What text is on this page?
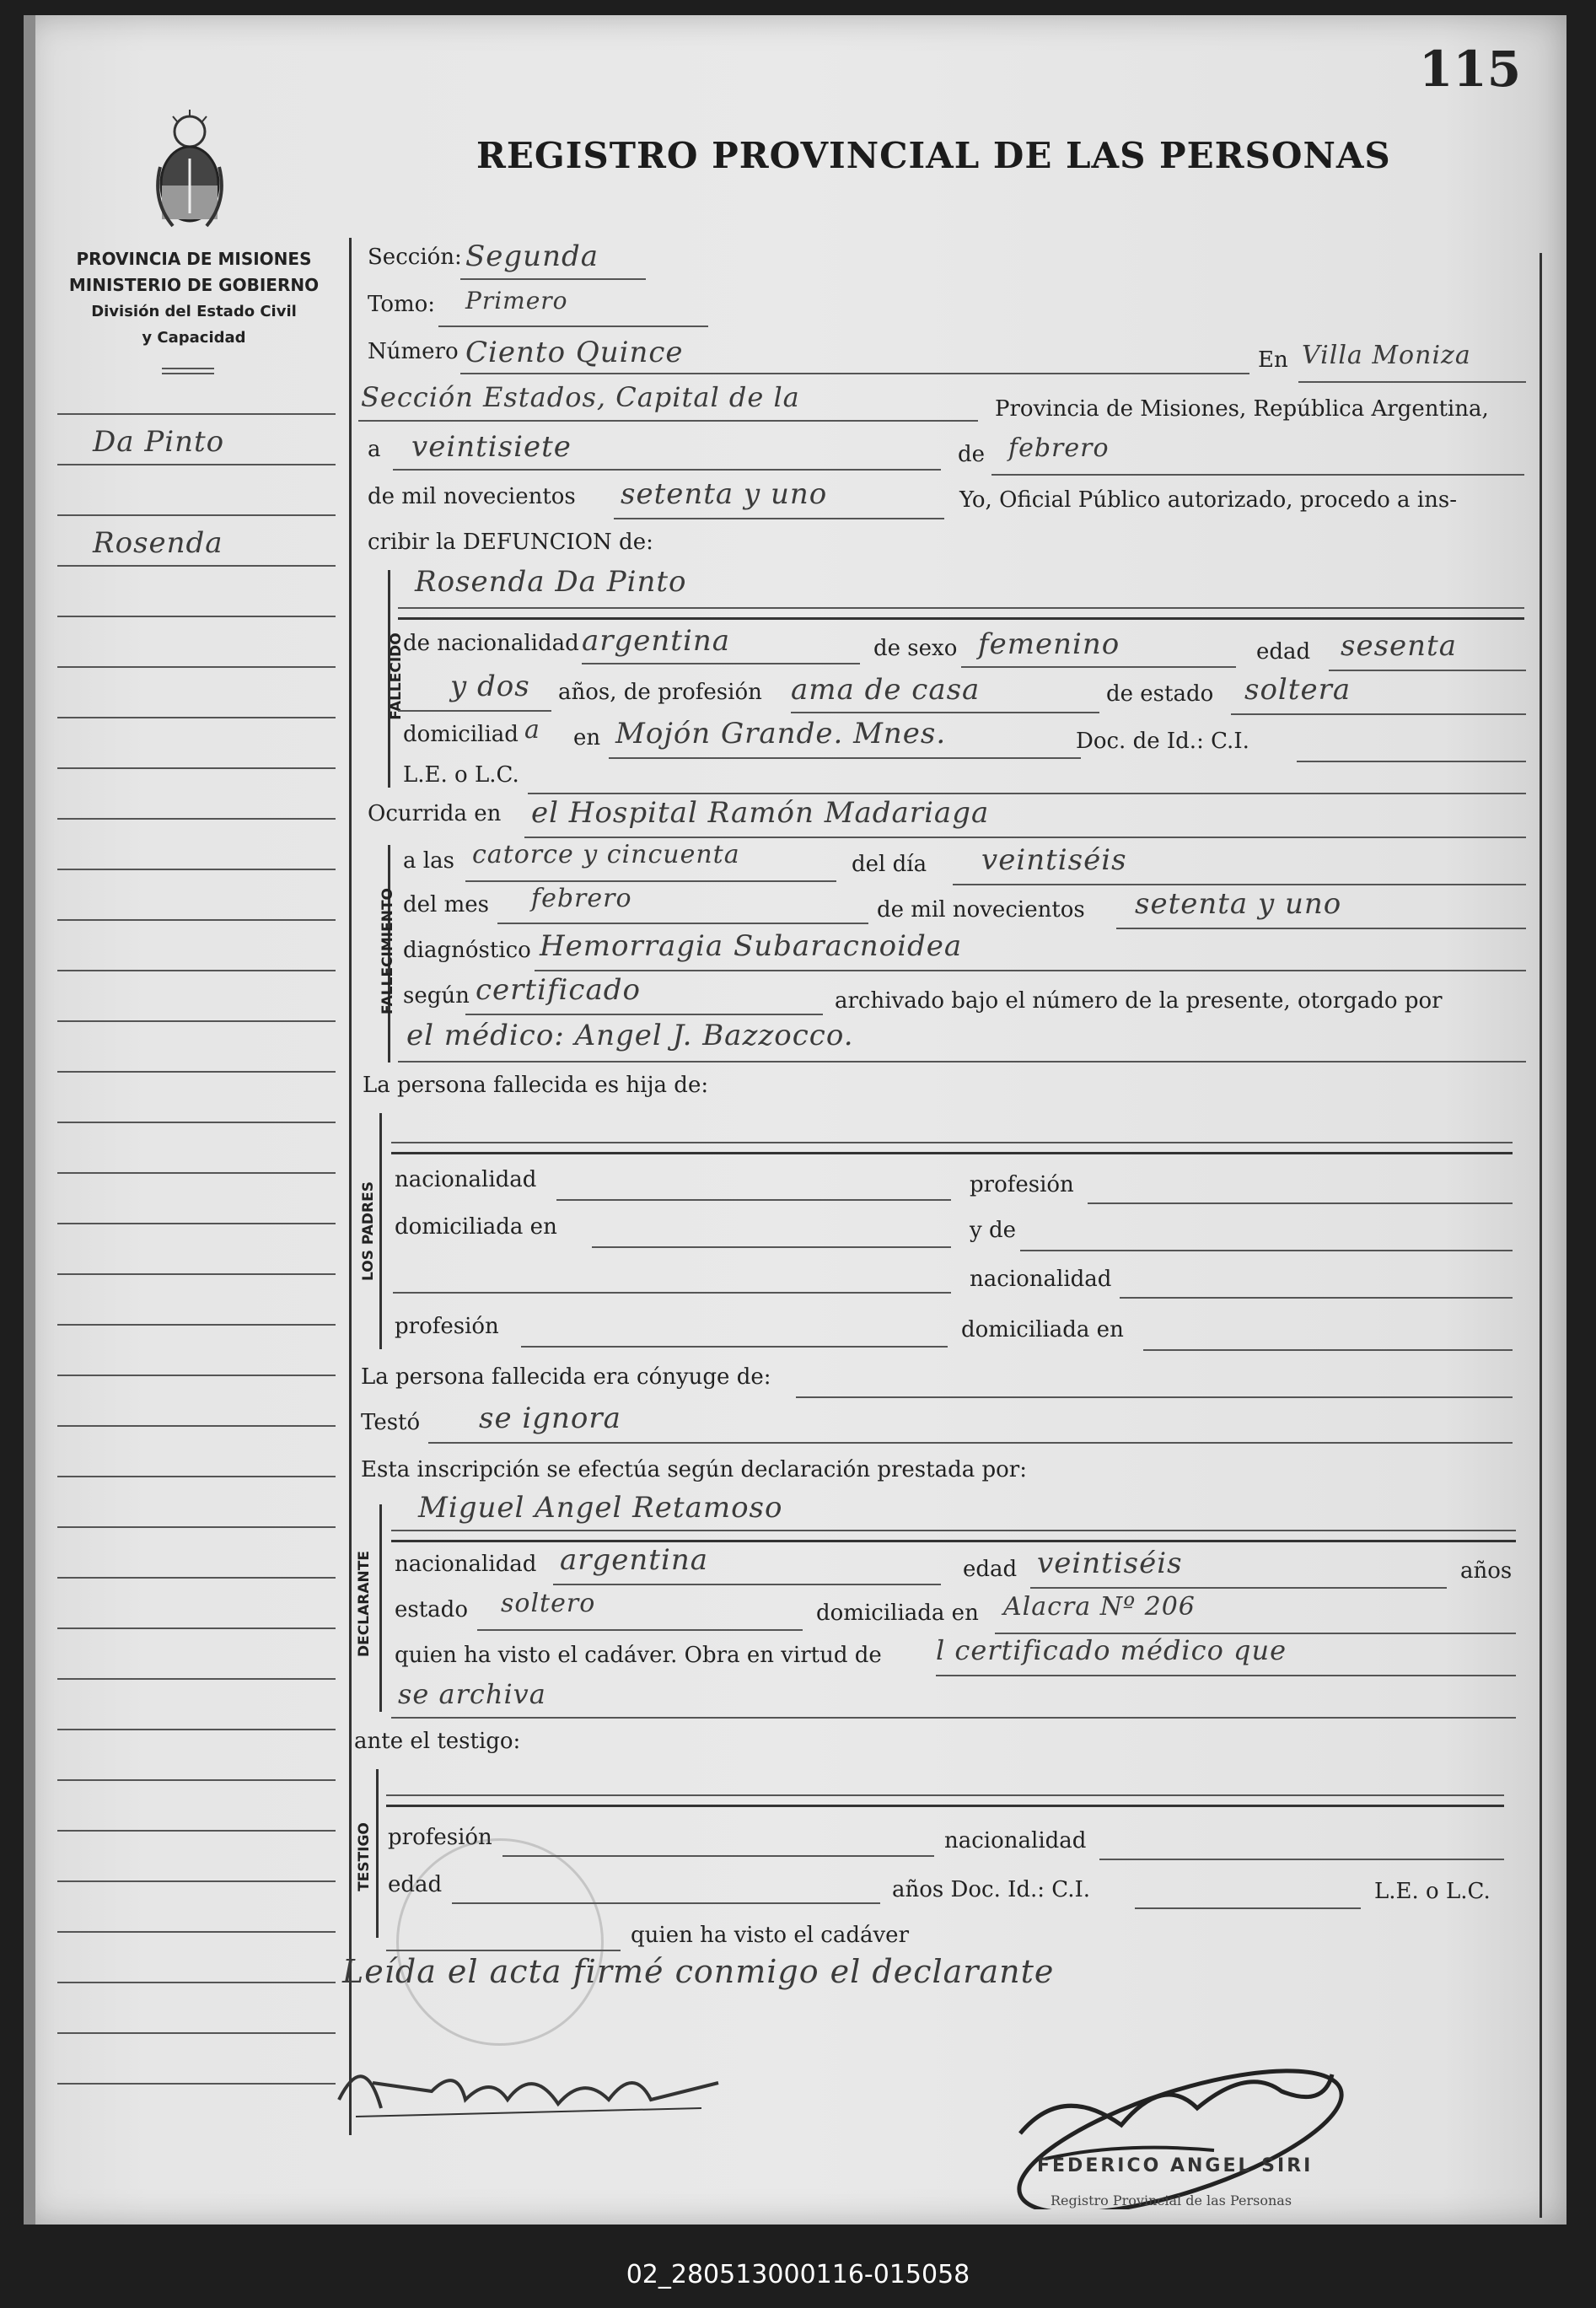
115
REGISTRO PROVINCIAL DE LAS PERSONAS
PROVINCIA DE MISIONES
MINISTERIO DE GOBIERNO
División del Estado Civil
y Capacidad
Da Pinto
Rosenda
Sección: Segunda
Tomo: Primero
Número Ciento Quince	En Villa Moniza
Sección Estados, Capital de la	Provincia de Misiones, República Argentina,
a veintisiete	de febrero
de mil novecientos setenta y uno	Yo, Oficial Público autorizado, procedo a ins-
cribir la DEFUNCION de:
FALLECIDO
Rosenda Da Pinto
de nacionalidad argentina	de sexo femenino	edad sesenta
y dos años, de profesión ama de casa	de estado soltera
domiciliad a en Mojón Grande. Mnes.	Doc. de Id.: C.I.
L.E. o L.C.
Ocurrida en el Hospital Ramón Madariaga
FALLECIMIENTO
a las catorce y cincuenta	del día veintiséis
del mes febrero	de mil novecientos setenta y uno
diagnóstico Hemorragia Subaracnoidea
según certificado	archivado bajo el número de la presente, otorgado por
el médico: Angel J. Bazzocco.
La persona fallecida es hija de:
LOS PADRES
nacionalidad	profesión
domiciliada en	y de
nacionalidad
profesión	domiciliada en
La persona fallecida era cónyuge de:
Testó se ignora
Esta inscripción se efectúa según declaración prestada por:
DECLARANTE
Miguel Angel Retamoso
nacionalidad argentina	edad veintiséis	años
estado soltero	domiciliada en Alacra Nº 206
quien ha visto el cadáver. Obra en virtud de l certificado médico que
se archiva
ante el testigo:
TESTIGO profesión	nacionalidad
edad	años Doc. Id.: C.I.	L.E. o L.C.
quien ha visto el cadáver
Leída el acta firmé conmigo el declarante
FEDERICO ANGEL SIRI
Registro Provincial de las Personas
02_280513000116-015058
